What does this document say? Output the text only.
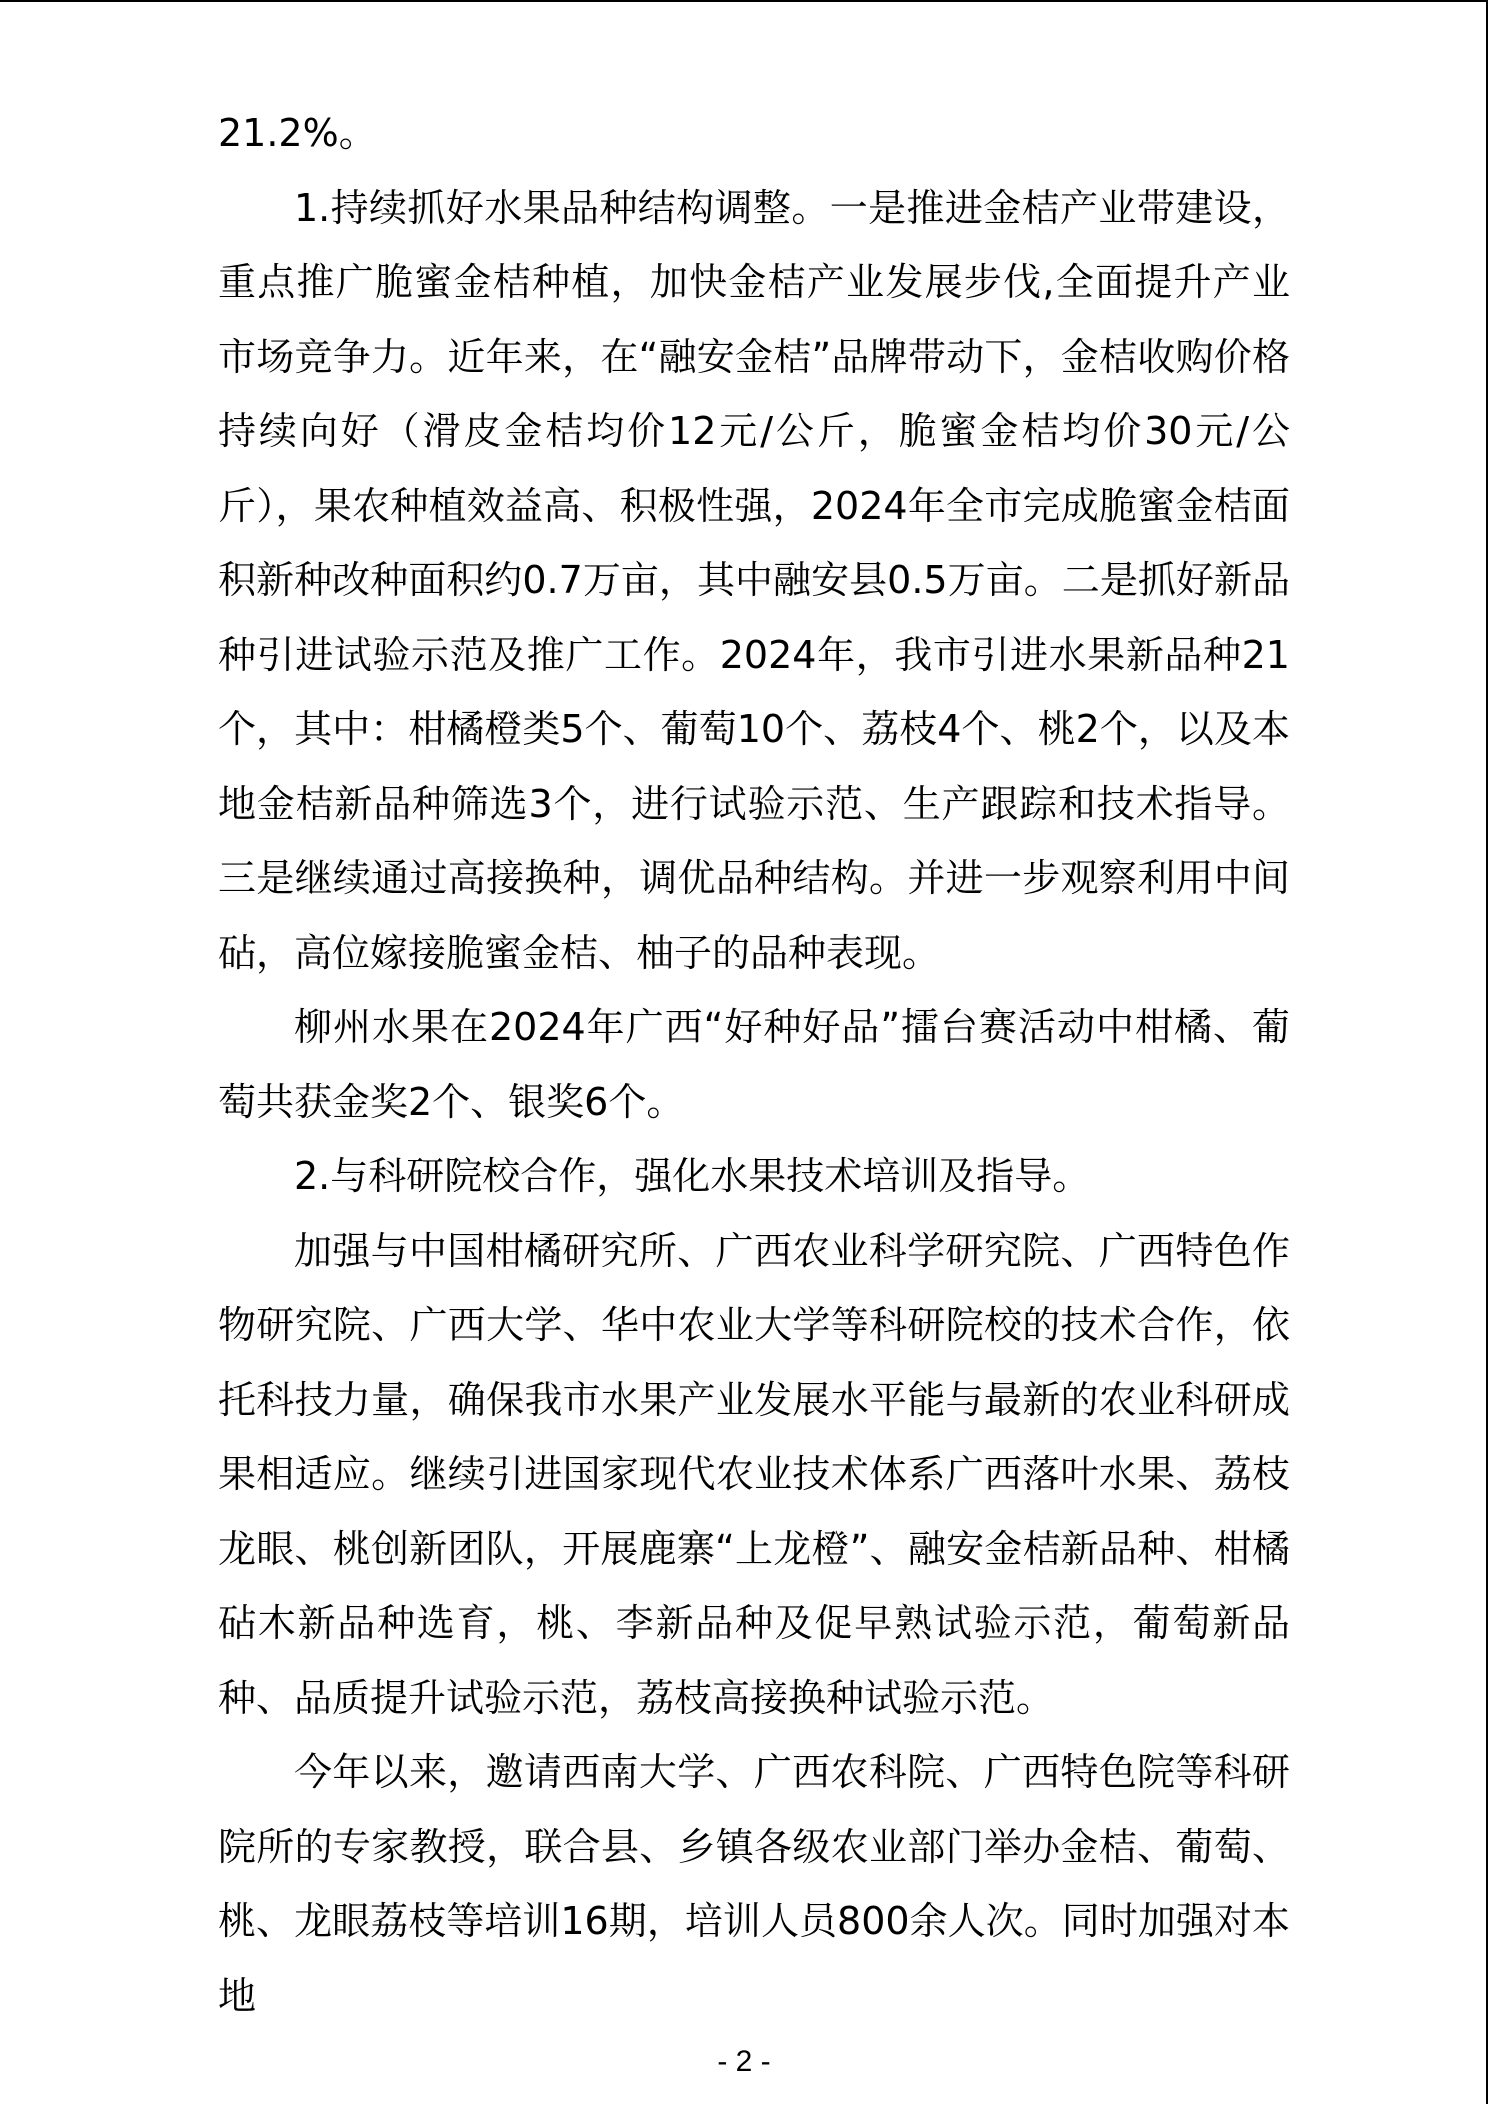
21.2%。

1.持续抓好水果品种结构调整。一是推进金桔产业带建设，重点推广脆蜜金桔种植，加快金桔产业发展步伐,全面提升产业市场竞争力。近年来，在“融安金桔”品牌带动下，金桔收购价格持续向好（滑皮金桔均价12元/公斤，脆蜜金桔均价30元/公斤），果农种植效益高、积极性强，2024年全市完成脆蜜金桔面积新种改种面积约0.7万亩，其中融安县0.5万亩。二是抓好新品种引进试验示范及推广工作。2024年，我市引进水果新品种21个，其中：柑橘橙类5个、葡萄10个、荔枝4个、桃2个，以及本地金桔新品种筛选3个，进行试验示范、生产跟踪和技术指导。三是继续通过高接换种，调优品种结构。并进一步观察利用中间砧，高位嫁接脆蜜金桔、柚子的品种表现。

柳州水果在2024年广西“好种好品”擂台赛活动中柑橘、葡萄共获金奖2个、银奖6个。

2.与科研院校合作，强化水果技术培训及指导。

加强与中国柑橘研究所、广西农业科学研究院、广西特色作物研究院、广西大学、华中农业大学等科研院校的技术合作，依托科技力量，确保我市水果产业发展水平能与最新的农业科研成果相适应。继续引进国家现代农业技术体系广西落叶水果、荔枝龙眼、桃创新团队，开展鹿寨“上龙橙”、融安金桔新品种、柑橘砧木新品种选育，桃、李新品种及促早熟试验示范，葡萄新品种、品质提升试验示范，荔枝高接换种试验示范。

今年以来，邀请西南大学、广西农科院、广西特色院等科研院所的专家教授，联合县、乡镇各级农业部门举办金桔、葡萄、桃、龙眼荔枝等培训16期，培训人员800余人次。同时加强对本地

- 2 -
